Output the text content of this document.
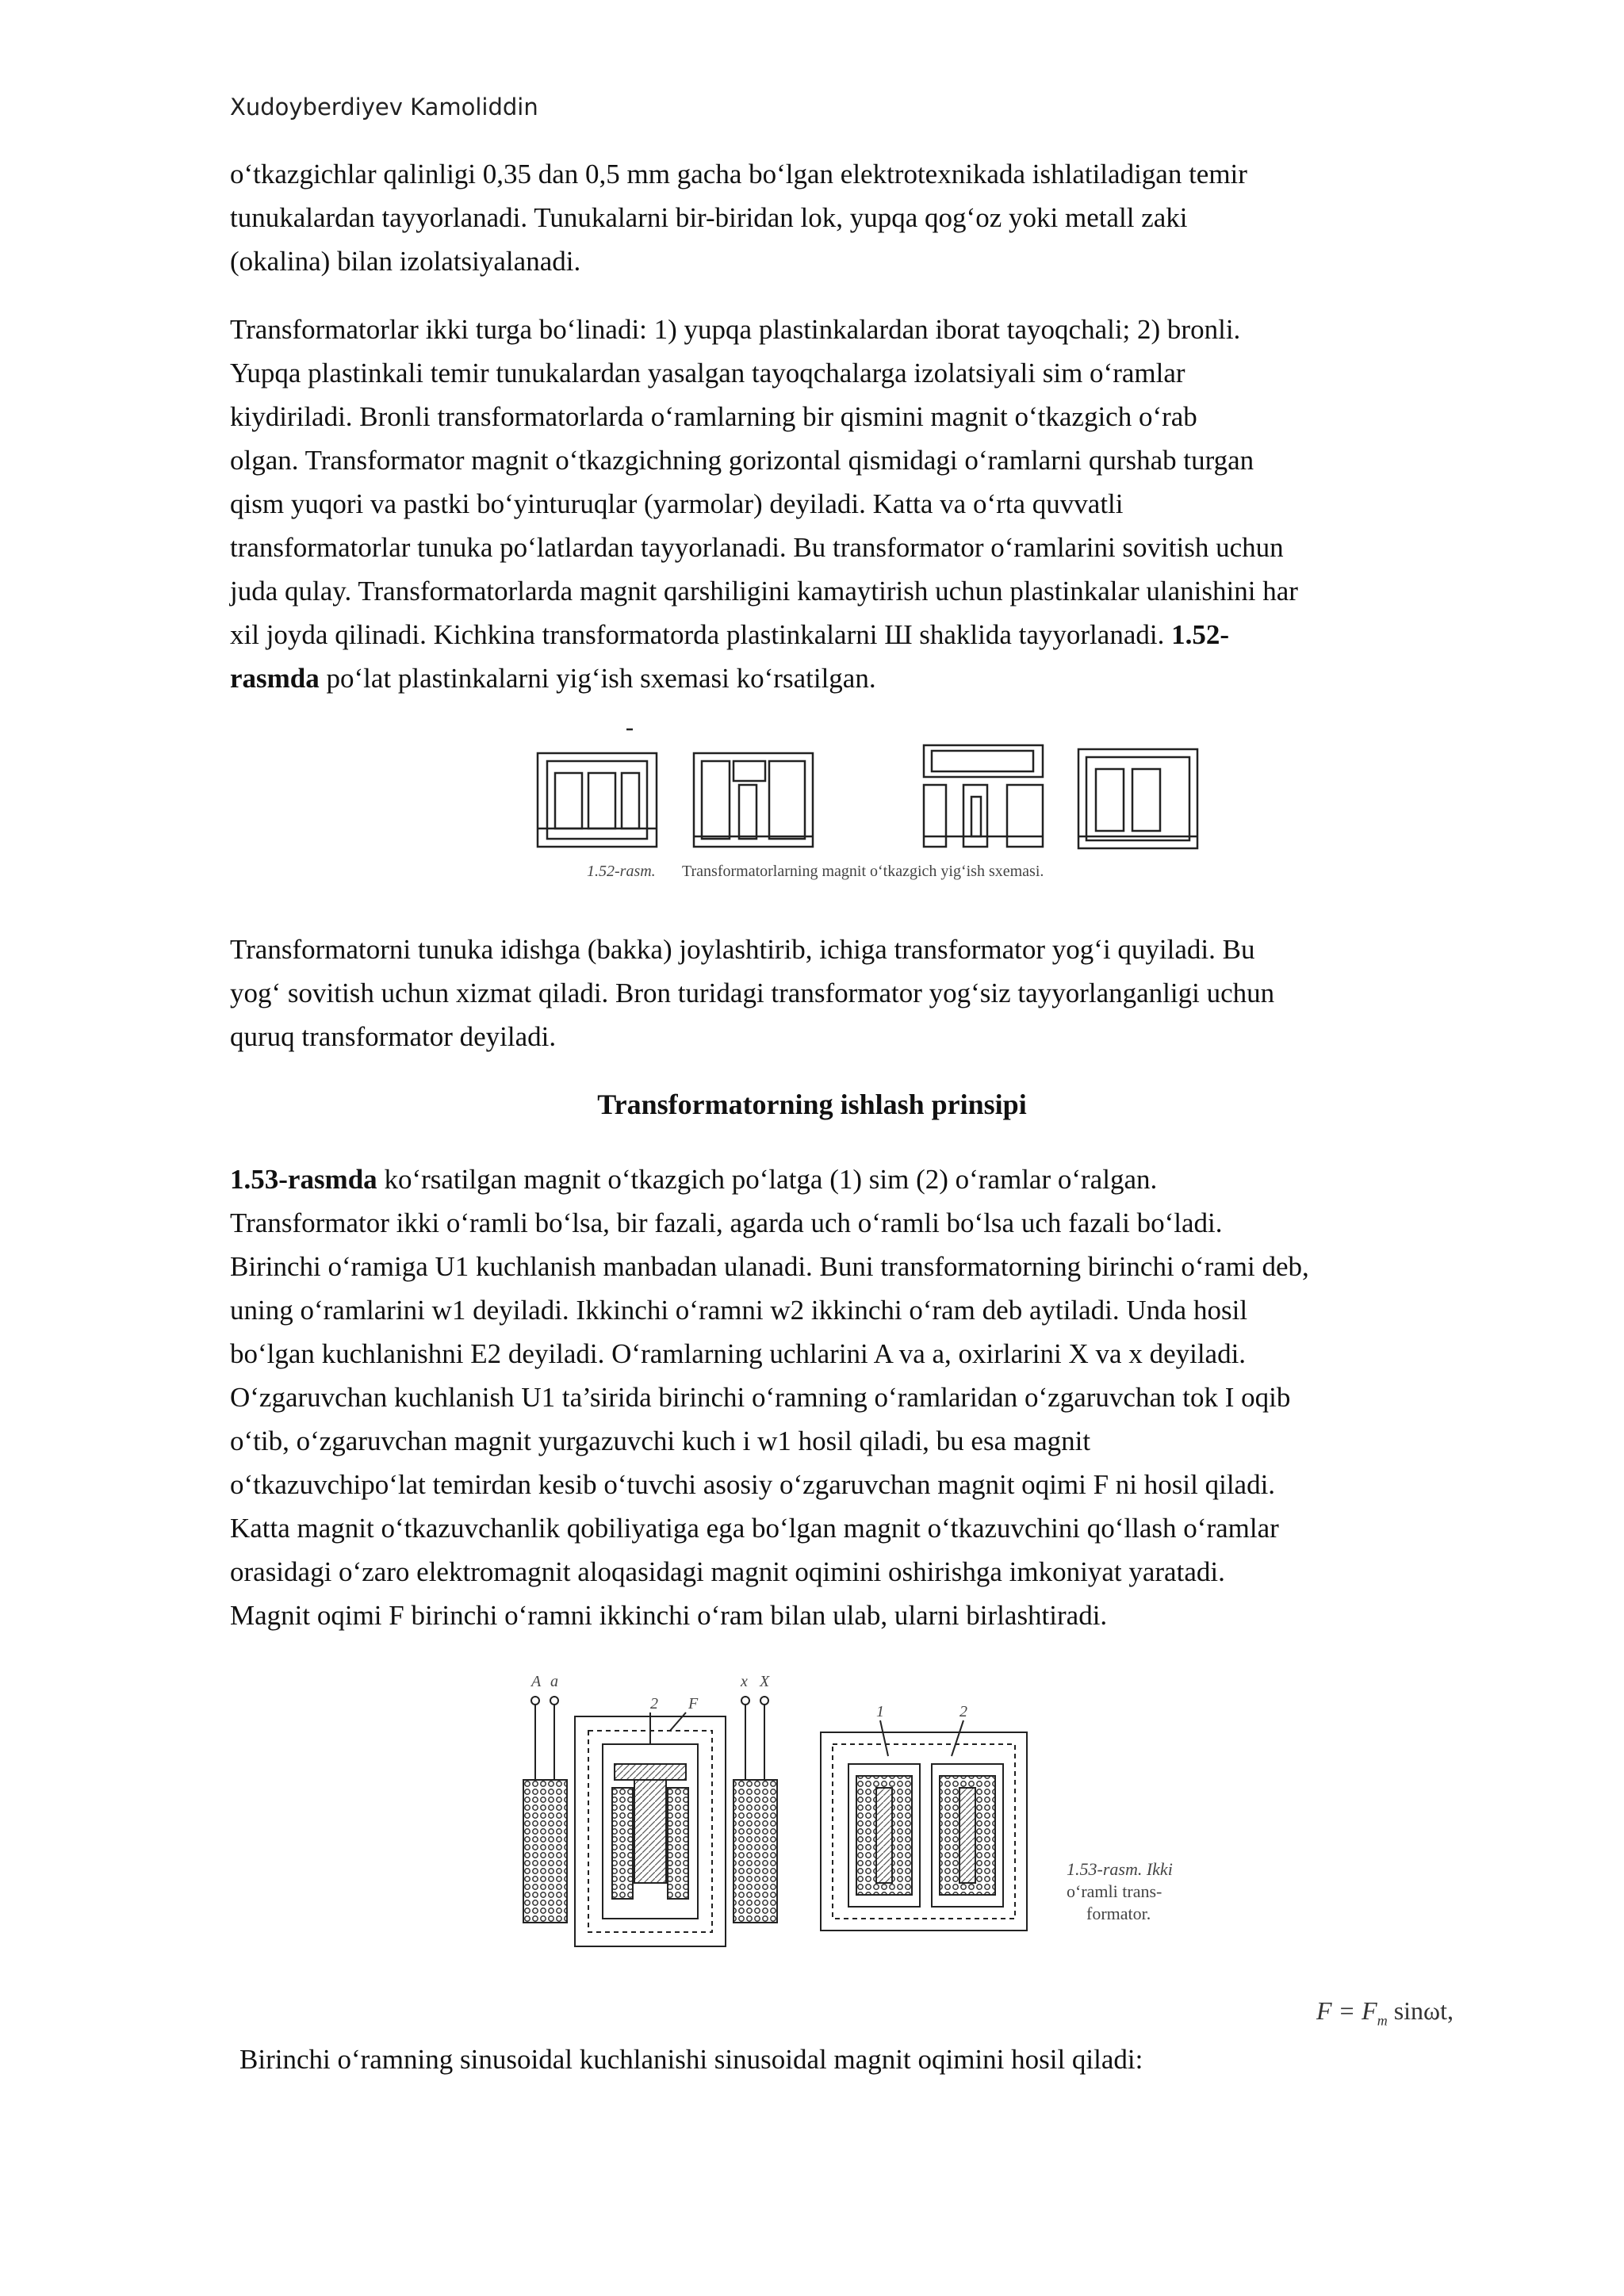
Xudoyberdiyev Kamoliddin
o‘tkazgichlar qalinligi 0,35 dan 0,5 mm gacha bo‘lgan elektrotexnikada ishlatiladigan temir
tunukalardan tayyorlanadi. Tunukalarni bir-biridan lok, yupqa qog‘oz yoki metall zaki
(okalina) bilan izolatsiyalanadi.
Transformatorlar ikki turga bo‘linadi: 1) yupqa plastinkalardan iborat tayoqchali; 2) bronli.
Yupqa plastinkali temir tunukalardan yasalgan tayoqchalarga izolatsiyali sim o‘ramlar
kiydiriladi. Bronli transformatorlarda o‘ramlarning bir qismini magnit o‘tkazgich o‘rab
olgan. Transformator magnit o‘tkazgichning gorizontal qismidagi o‘ramlarni qurshab turgan
qism yuqori va pastki bo‘yinturuqlar (yarmolar) deyiladi. Katta va o‘rta quvvatli
transformatorlar tunuka po‘latlardan tayyorlanadi. Bu transformator o‘ramlarini sovitish uchun
juda qulay. Transformatorlarda magnit qarshiligini kamaytirish uchun plastinkalar ulanishini har
xil joyda qilinadi. Kichkina transformatorda plastinkalarni Ш shaklida tayyorlanadi. 1.52-
rasmda po‘lat plastinkalarni yig‘ish sxemasi ko‘rsatilgan.
1.52-rasm. Transformatorlarning magnit o‘tkazgich yig‘ish sxemasi.
Transformatorni tunuka idishga (bakka) joylashtirib, ichiga transformator yog‘i quyiladi. Bu
yog‘ sovitish uchun xizmat qiladi. Bron turidagi transformator yog‘siz tayyorlanganligi uchun
quruq transformator deyiladi.
Transformatorning ishlash prinsipi
1.53-rasmda ko‘rsatilgan magnit o‘tkazgich po‘latga (1) sim (2) o‘ramlar o‘ralgan.
Transformator ikki o‘ramli bo‘lsa, bir fazali, agarda uch o‘ramli bo‘lsa uch fazali bo‘ladi.
Birinchi o‘ramiga U1 kuchlanish manbadan ulanadi. Buni transformatorning birinchi o‘rami deb,
uning o‘ramlarini w1 deyiladi. Ikkinchi o‘ramni w2 ikkinchi o‘ram deb aytiladi. Unda hosil
bo‘lgan kuchlanishni E2 deyiladi. O‘ramlarning uchlarini A va a, oxirlarini X va x deyiladi.
O‘zgaruvchan kuchlanish U1 ta’sirida birinchi o‘ramning o‘ramlaridan o‘zgaruvchan tok I oqib
o‘tib, o‘zgaruvchan magnit yurgazuvchi kuch i w1 hosil qiladi, bu esa magnit
o‘tkazuvchipo‘lat temirdan kesib o‘tuvchi asosiy o‘zgaruvchan magnit oqimi F ni hosil qiladi.
Katta magnit o‘tkazuvchanlik qobiliyatiga ega bo‘lgan magnit o‘tkazuvchini qo‘llash o‘ramlar
orasidagi o‘zaro elektromagnit aloqasidagi magnit oqimini oshirishga imkoniyat yaratadi.
Magnit oqimi F birinchi o‘ramni ikkinchi o‘ram bilan ulab, ularni birlashtiradi.
A a
2 F
x X
1	2
1.53-rasm. Ikki
o‘ramli trans-
formator.
Birinchi o‘ramning sinusoidal kuchlanishi sinusoidal magnit oqimini hosil qiladi:
$F = F_m$ sinωt,
